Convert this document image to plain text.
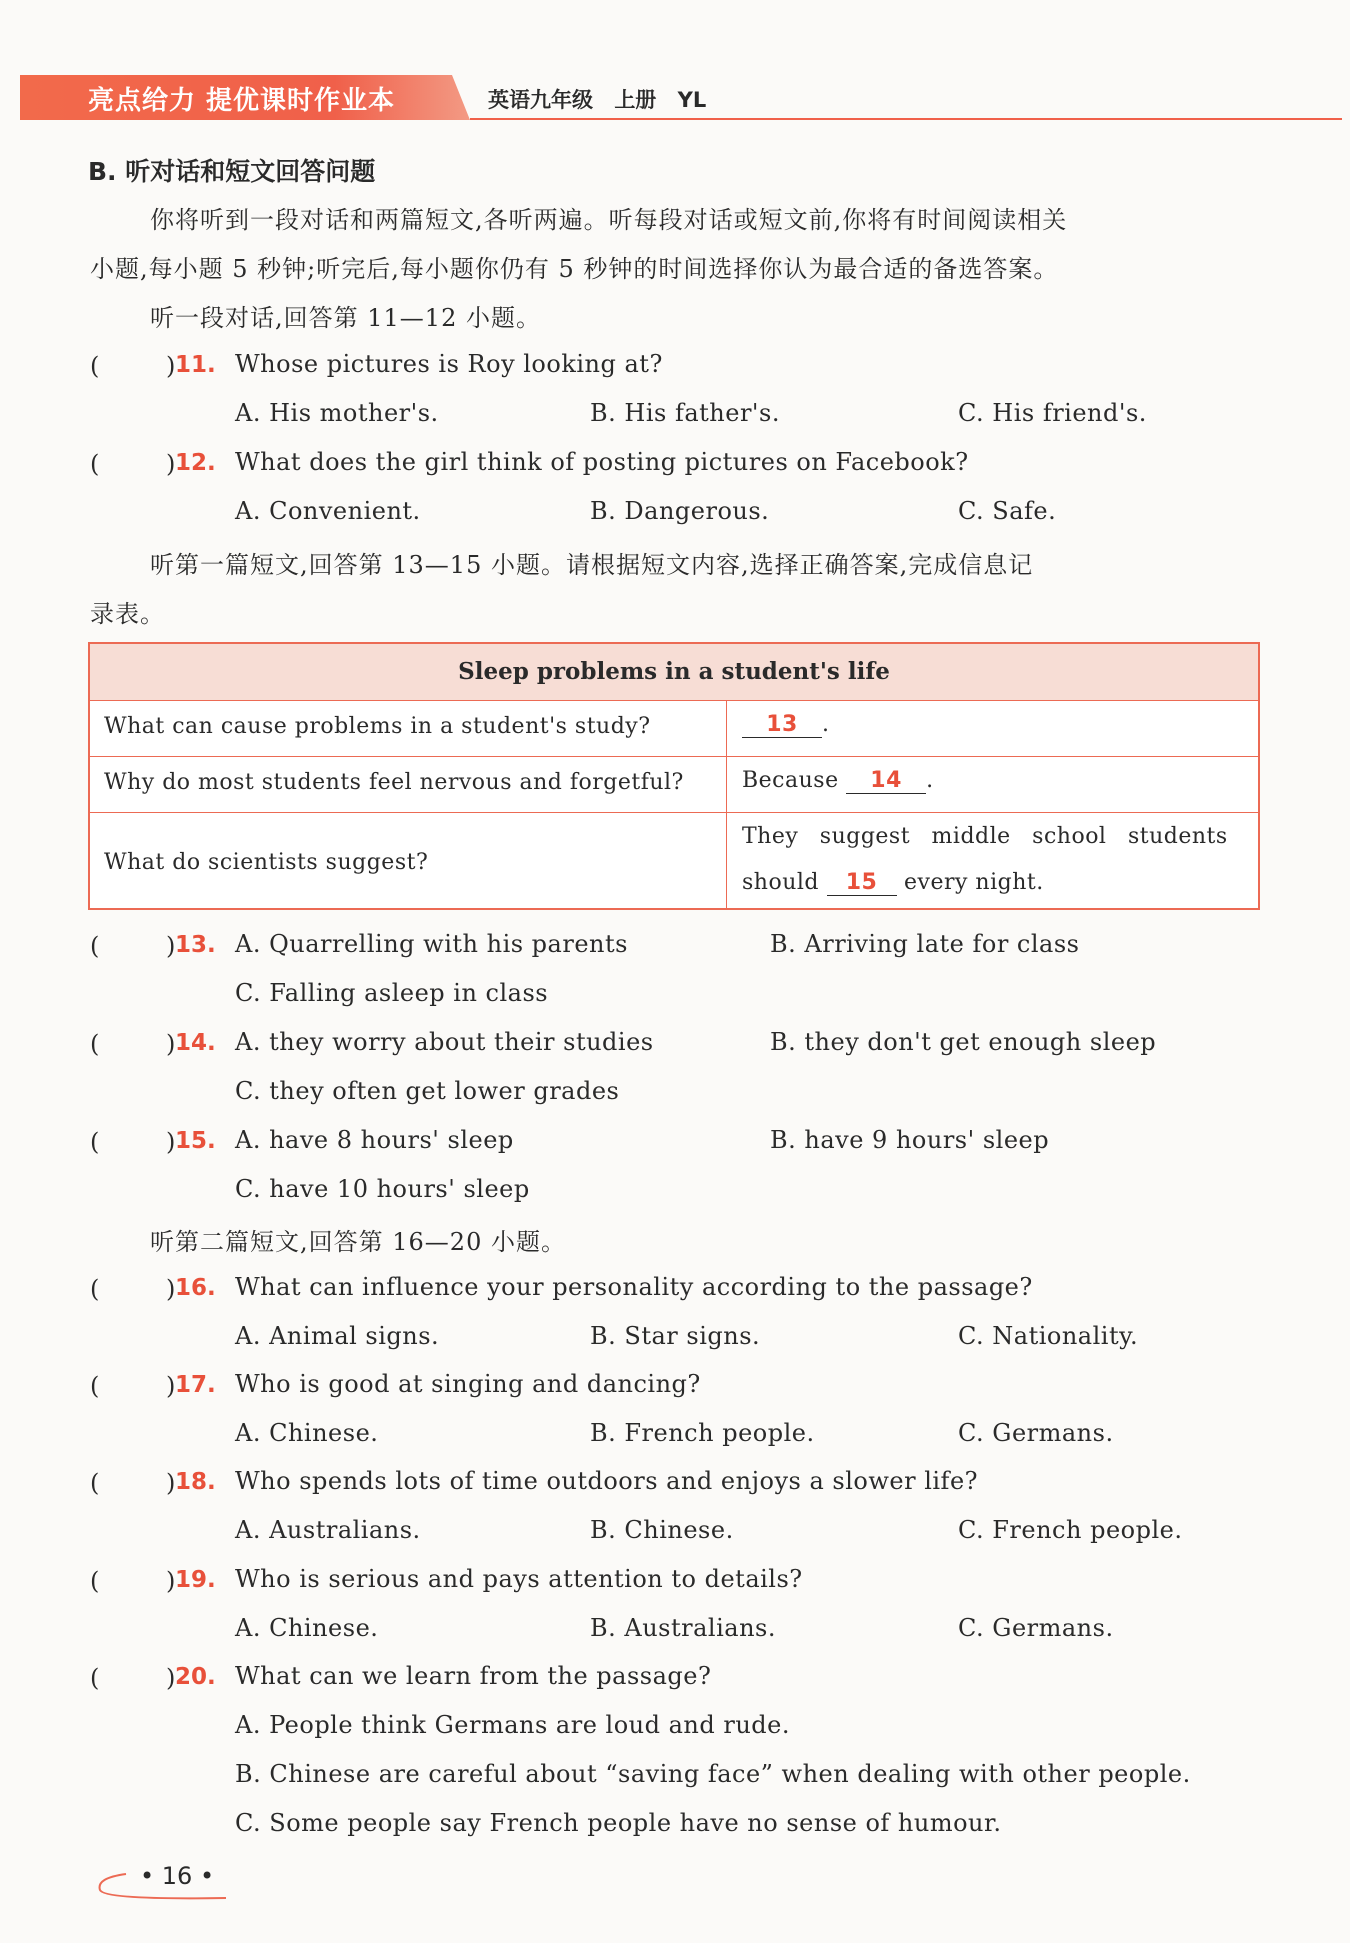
亮点给力 提优课时作业本	英语九年级 上册 YL
B. 听对话和短文回答问题
你将听到一段对话和两篇短文,各听两遍。听每段对话或短文前,你将有时间阅读相关
小题,每小题 5 秒钟;听完后,每小题你仍有 5 秒钟的时间选择你认为最合适的备选答案。
听一段对话,回答第 11—12 小题。
(	) 11. Whose pictures is Roy looking at?
A. His mother's.	B. His father's.	C. His friend's.
(	) 12. What does the girl think of posting pictures on Facebook?
A. Convenient.	B. Dangerous.	C. Safe.
听第一篇短文,回答第 13—15 小题。请根据短文内容,选择正确答案,完成信息记
录表。
Sleep problems in a student's life
What can cause problems in a student's study?	13 .
Why do most students feel nervous and forgetful?	Because 14 .
What do scientists suggest?
They suggest middle school students
should 15 every night.
(	) 13. A. Quarrelling with his parents	B. Arriving late for class
C. Falling asleep in class
(	) 14. A. they worry about their studies	B. they don't get enough sleep
C. they often get lower grades
(	) 15. A. have 8 hours' sleep	B. have 9 hours' sleep
C. have 10 hours' sleep
听第二篇短文,回答第 16—20 小题。
(	) 16. What can influence your personality according to the passage?
A. Animal signs.	B. Star signs.	C. Nationality.
(	) 17. Who is good at singing and dancing?
A. Chinese.	B. French people.	C. Germans.
(	) 18. Who spends lots of time outdoors and enjoys a slower life?
A. Australians.	B. Chinese.	C. French people.
(	) 19. Who is serious and pays attention to details?
A. Chinese.	B. Australians.	C. Germans.
(	) 20. What can we learn from the passage?
A. People think Germans are loud and rude.
B. Chinese are careful about “saving face” when dealing with other people.
C. Some people say French people have no sense of humour.
• 16 •
